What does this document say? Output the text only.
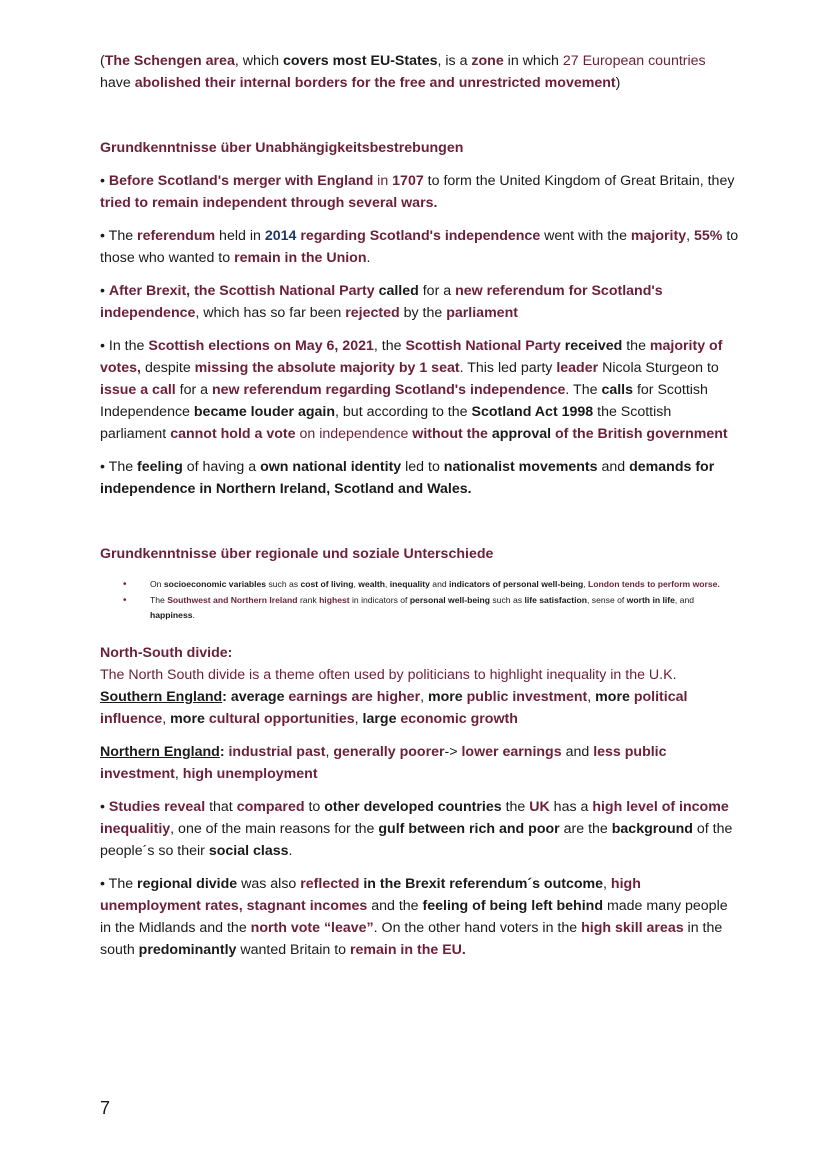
(The Schengen area, which covers most EU-States, is a zone in which 27 European countries have abolished their internal borders for the free and unrestricted movement)

Grundkenntnisse über Unabhängigkeitsbestrebungen

• Before Scotland's merger with England in 1707 to form the United Kingdom of Great Britain, they tried to remain independent through several wars.

• The referendum held in 2014 regarding Scotland's independence went with the majority, 55% to those who wanted to remain in the Union.

• After Brexit, the Scottish National Party called for a new referendum for Scotland's independence, which has so far been rejected by the parliament

• In the Scottish elections on May 6, 2021, the Scottish National Party received the majority of votes, despite missing the absolute majority by 1 seat. This led party leader Nicola Sturgeon to issue a call for a new referendum regarding Scotland's independence. The calls for Scottish Independence became louder again, but according to the Scotland Act 1998 the Scottish parliament cannot hold a vote on independence without the approval of the British government

• The feeling of having a own national identity led to nationalist movements and demands for independence in Northern Ireland, Scotland and Wales.

Grundkenntnisse über regionale und soziale Unterschiede

• On socioeconomic variables such as cost of living, wealth, inequality and indicators of personal well-being, London tends to perform worse.
• The Southwest and Northern Ireland rank highest in indicators of personal well-being such as life satisfaction, sense of worth in life, and happiness.

North-South divide:

The North South divide is a theme often used by politicians to highlight inequality in the U.K.

Southern England: average earnings are higher, more public investment, more political influence, more cultural opportunities, large economic growth

Northern England: industrial past, generally poorer-> lower earnings and less public investment, high unemployment

• Studies reveal that compared to other developed countries the UK has a high level of income inequalitiy, one of the main reasons for the gulf between rich and poor are the background of the people´s so their social class.

• The regional divide was also reflected in the Brexit referendum´s outcome, high unemployment rates, stagnant incomes and the feeling of being left behind made many people in the Midlands and the north vote “leave”. On the other hand voters in the high skill areas in the south predominantly wanted Britain to remain in the EU.

7
